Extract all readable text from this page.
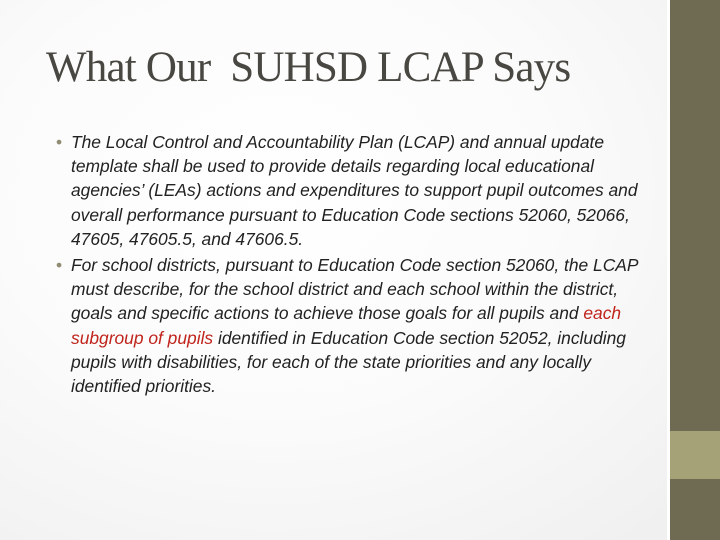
What Our  SUHSD LCAP Says
• The Local Control and Accountability Plan (LCAP) and annual update template shall be used to provide details regarding local educational agencies’ (LEAs) actions and expenditures to support pupil outcomes and overall performance pursuant to Education Code sections 52060, 52066, 47605, 47605.5, and 47606.5.
• For school districts, pursuant to Education Code section 52060, the LCAP must describe, for the school district and each school within the district, goals and specific actions to achieve those goals for all pupils and each subgroup of pupils identified in Education Code section 52052, including pupils with disabilities, for each of the state priorities and any locally identified priorities.
